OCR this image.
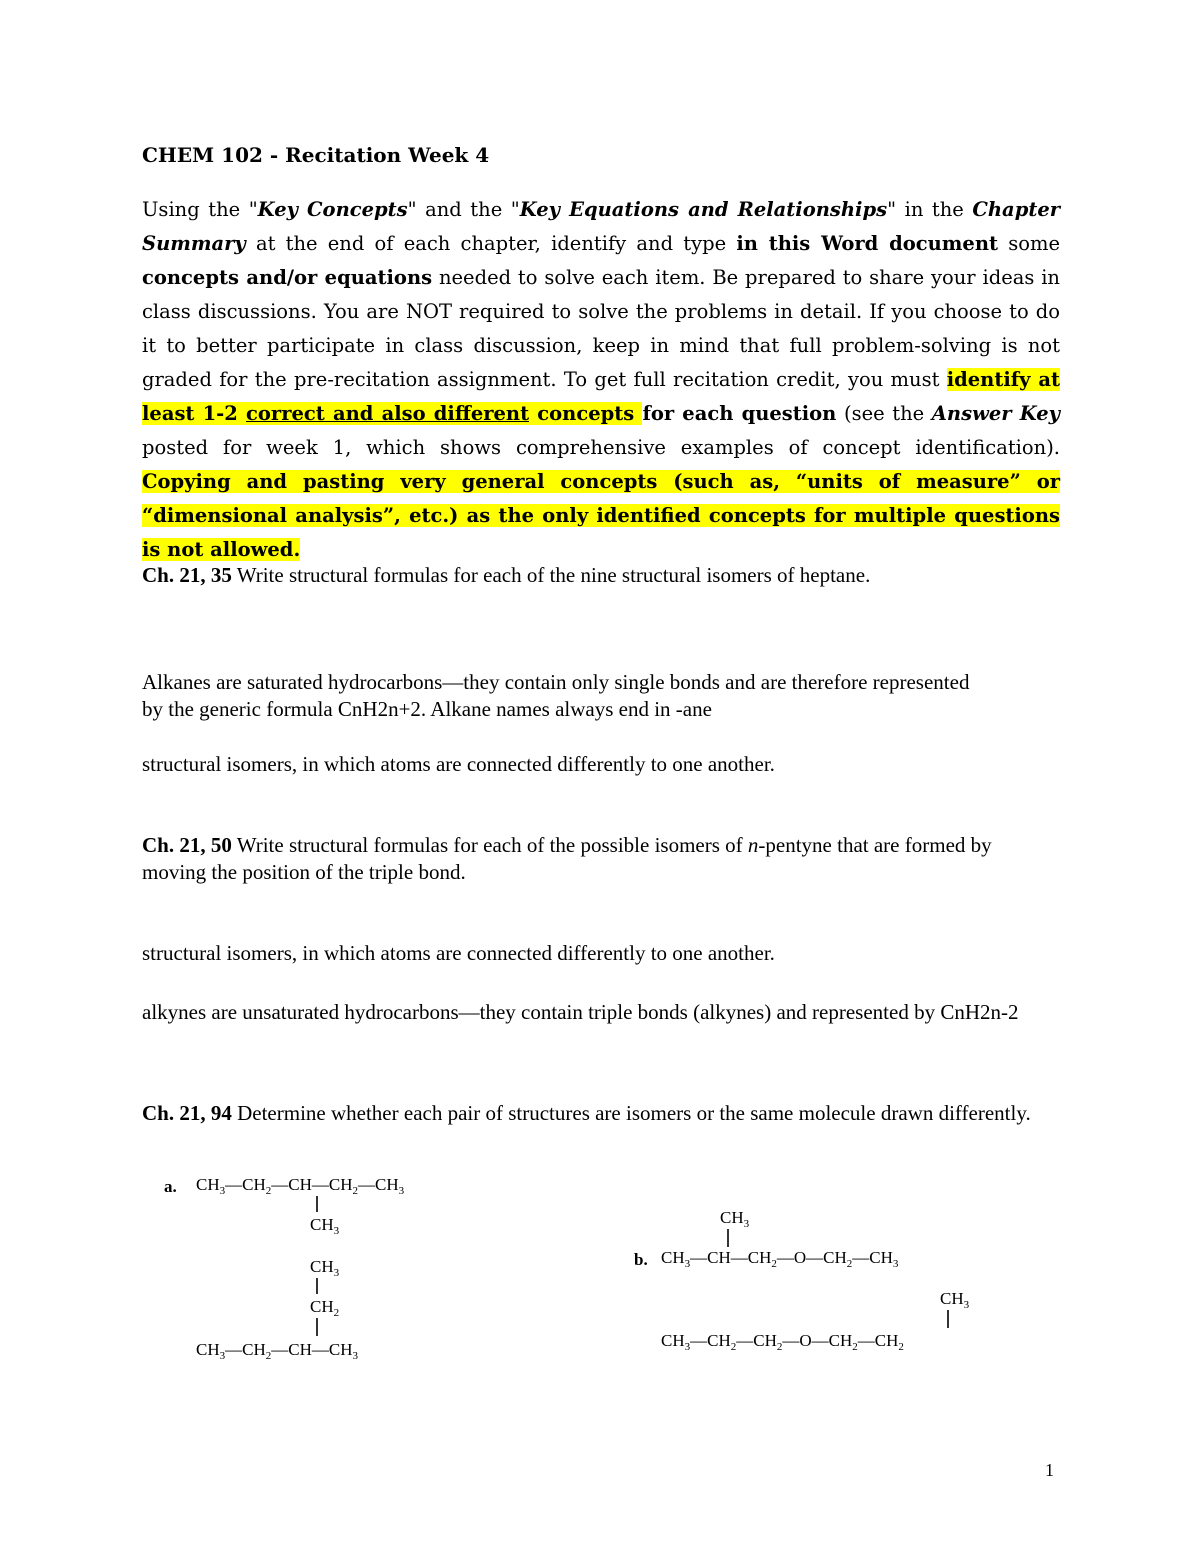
CHEM 102 - Recitation Week 4
Using the "Key Concepts" and the "Key Equations and Relationships" in the Chapter Summary at the end of each chapter, identify and type in this Word document some concepts and/or equations needed to solve each item. Be prepared to share your ideas in class discussions. You are NOT required to solve the problems in detail. If you choose to do it to better participate in class discussion, keep in mind that full problem-solving is not graded for the pre-recitation assignment. To get full recitation credit, you must identify at least 1-2 correct and also different concepts for each question (see the Answer Key posted for week 1, which shows comprehensive examples of concept identification). Copying and pasting very general concepts (such as, “units of measure” or “dimensional analysis”, etc.) as the only identified concepts for multiple questions is not allowed.
Ch. 21, 35 Write structural formulas for each of the nine structural isomers of heptane.
Alkanes are saturated hydrocarbons—they contain only single bonds and are therefore represented by the generic formula CnH2n+2. Alkane names always end in -ane
structural isomers, in which atoms are connected differently to one another.
Ch. 21, 50 Write structural formulas for each of the possible isomers of n-pentyne that are formed by moving the position of the triple bond.
structural isomers, in which atoms are connected differently to one another.
alkynes are unsaturated hydrocarbons—they contain triple bonds (alkynes) and represented by CnH2n-2
Ch. 21, 94 Determine whether each pair of structures are isomers or the same molecule drawn differently.
a. $CH_3—CH_2—CH—CH_2—CH_3$
$CH_3$
$CH_3$
$CH_2$
$CH_3—CH_2—CH—CH_3$
$CH_3$
b. $CH_3—CH—CH_2—O—CH_2—CH_3$
$CH_3$
$CH_3—CH_2—CH_2—O—CH_2—CH_2$
1
